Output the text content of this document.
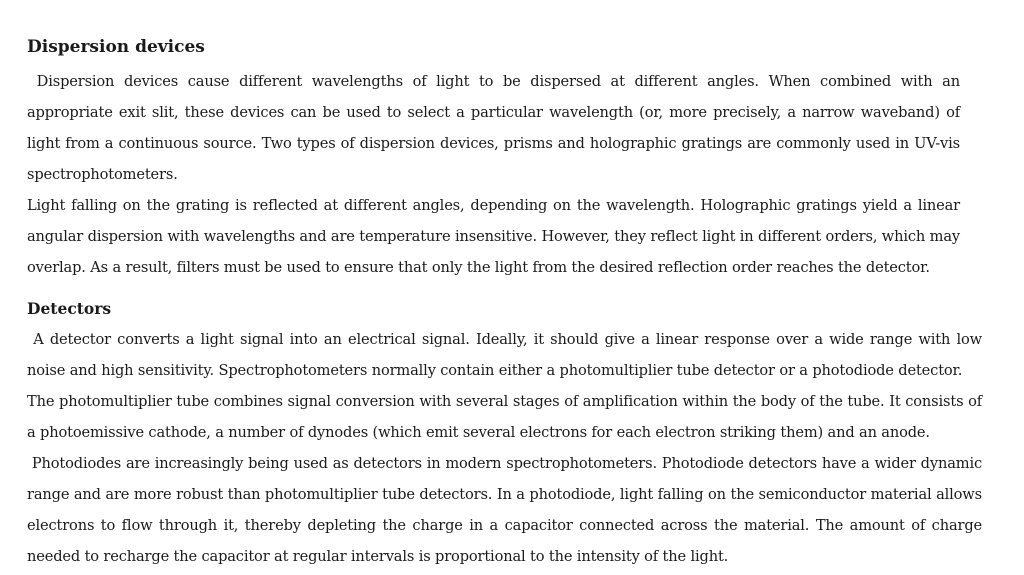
Dispersion devices

Dispersion devices cause different wavelengths of light to be dispersed at different angles. When combined with an appropriate exit slit, these devices can be used to select a particular wavelength (or, more precisely, a narrow waveband) of light from a continuous source. Two types of dispersion devices, prisms and holographic gratings are commonly used in UV-vis spectrophotometers.

Light falling on the grating is reflected at different angles, depending on the wavelength. Holographic gratings yield a linear angular dispersion with wavelengths and are temperature insensitive. However, they reflect light in different orders, which may overlap. As a result, filters must be used to ensure that only the light from the desired reflection order reaches the detector.

Detectors

A detector converts a light signal into an electrical signal. Ideally, it should give a linear response over a wide range with low noise and high sensitivity. Spectrophotometers normally contain either a photomultiplier tube detector or a photodiode detector.

The photomultiplier tube combines signal conversion with several stages of amplification within the body of the tube. It consists of a photoemissive cathode, a number of dynodes (which emit several electrons for each electron striking them) and an anode.

Photodiodes are increasingly being used as detectors in modern spectrophotometers. Photodiode detectors have a wider dynamic range and are more robust than photomultiplier tube detectors. In a photodiode, light falling on the semiconductor material allows electrons to flow through it, thereby depleting the charge in a capacitor connected across the material. The amount of charge needed to recharge the capacitor at regular intervals is proportional to the intensity of the light.
